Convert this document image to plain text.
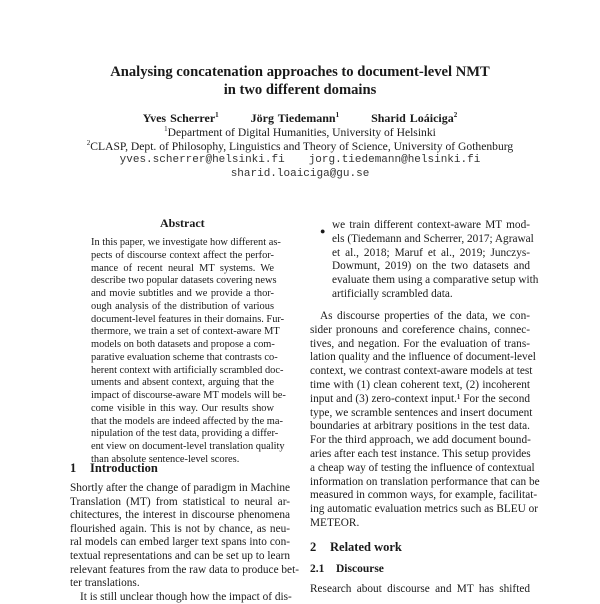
Analysing concatenation approaches to document-level NMT
in two different domains
Yves Scherrer$^1$	Jörg Tiedemann$^1$	Sharid Loáiciga$^2$
$^1$Department of Digital Humanities, University of Helsinki
$^2$CLASP, Dept. of Philosophy, Linguistics and Theory of Science, University of Gothenburg
yves.scherrer@helsinki.fi jorg.tiedemann@helsinki.fi
sharid.loaiciga@gu.se
Abstract
In this paper, we investigate how different as-
pects of discourse context affect the perfor-
mance of recent neural MT systems. We
describe two popular datasets covering news
and movie subtitles and we provide a thor-
ough analysis of the distribution of various
document-level features in their domains. Fur-
thermore, we train a set of context-aware MT
models on both datasets and propose a com-
parative evaluation scheme that contrasts co-
herent context with artificially scrambled doc-
uments and absent context, arguing that the
impact of discourse-aware MT models will be-
come visible in this way. Our results show
that the models are indeed affected by the ma-
nipulation of the test data, providing a differ-
ent view on document-level translation quality
than absolute sentence-level scores.
1 Introduction
Shortly after the change of paradigm in Machine
Translation (MT) from statistical to neural ar-
chitectures, the interest in discourse phenomena
flourished again. This is not by chance, as neu-
ral models can embed larger text spans into con-
textual representations and can be set up to learn
relevant features from the raw data to produce bet-
ter translations.
It is still unclear though how the impact of dis-
● we train different context-aware MT mod-
els (Tiedemann and Scherrer, 2017; Agrawal
et al., 2018; Maruf et al., 2019; Junczys-
Dowmunt, 2019) on the two datasets and
evaluate them using a comparative setup with
artificially scrambled data.
As discourse properties of the data, we con-
sider pronouns and coreference chains, connec-
tives, and negation. For the evaluation of trans-
lation quality and the influence of document-level
context, we contrast context-aware models at test
time with (1) clean coherent text, (2) incoherent
input and (3) zero-context input.¹ For the second
type, we scramble sentences and insert document
boundaries at arbitrary positions in the test data.
For the third approach, we add document bound-
aries after each test instance. This setup provides
a cheap way of testing the influence of contextual
information on translation performance that can be
measured in common ways, for example, facilitat-
ing automatic evaluation metrics such as BLEU or
METEOR.
2 Related work
2.1 Discourse
Research about discourse and MT has shifted
